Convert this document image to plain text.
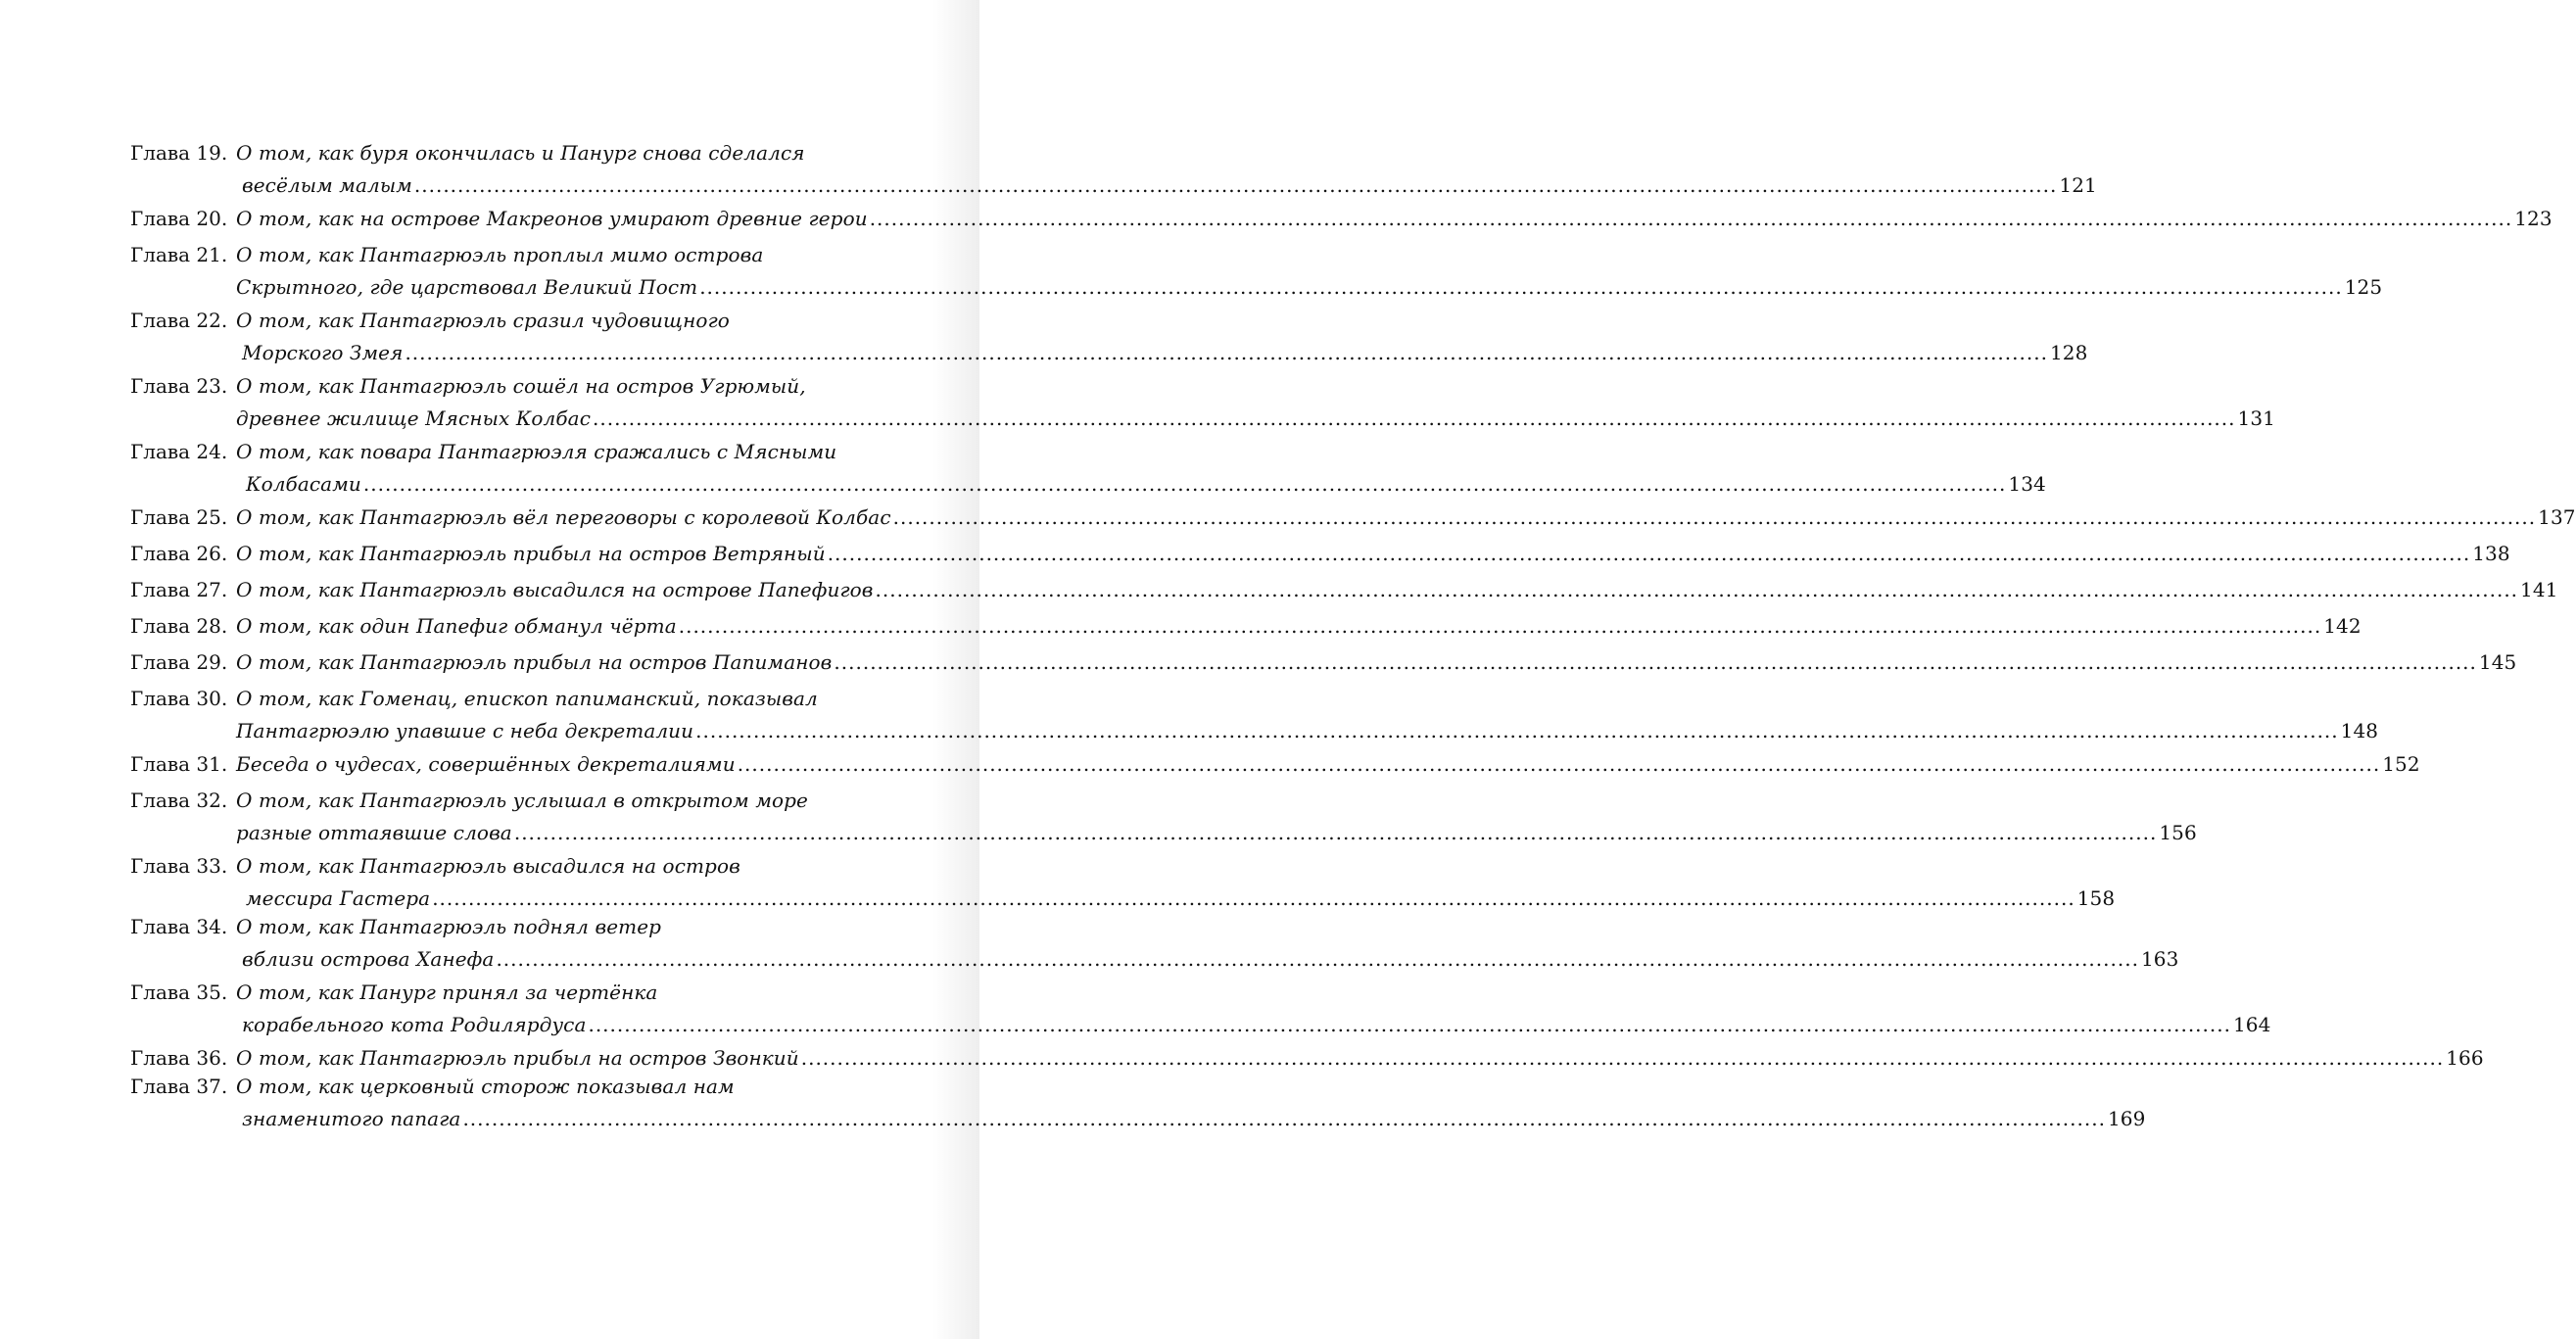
Глава 19. О том, как буря окончилась и Панург снова сделался
весёлым малым .....	121
Глава 20. О том, как на острове Макреонов умирают древние герои .....	123
Глава 21. О том, как Пантагрюэль проплыл мимо острова
Скрытного, где царствовал Великий Пост .....	125
Глава 22. О том, как Пантагрюэль сразил чудовищного
Морского Змея .....	128
Глава 23. О том, как Пантагрюэль сошёл на остров Угрюмый,
древнее жилище Мясных Колбас .....	131
Глава 24. О том, как повара Пантагрюэля сражались с Мясными
Колбасами .....	134
Глава 25. О том, как Пантагрюэль вёл переговоры с королевой Колбас .....	137
Глава 26. О том, как Пантагрюэль прибыл на остров Ветряный .....	138
Глава 27. О том, как Пантагрюэль высадился на острове Папефигов .....	141
Глава 28. О том, как один Папефиг обманул чёрта .....	142
Глава 29. О том, как Пантагрюэль прибыл на остров Папиманов .....	145
Глава 30. О том, как Гоменац, епископ папиманский, показывал
Пантагрюэлю упавшие с неба декреталии .....	148
Глава 31. Беседа о чудесах, совершённых декреталиями .....	152
Глава 32. О том, как Пантагрюэль услышал в открытом море
разные оттаявшие слова .....	156
Глава 33. О том, как Пантагрюэль высадился на остров
мессира Гастера .....	158
Глава 34. О том, как Пантагрюэль поднял ветер
вблизи острова Ханефа .....	163
Глава 35. О том, как Панург принял за чертёнка
корабельного кота Родилярдуса .....	164
Глава 36. О том, как Пантагрюэль прибыл на остров Звонкий .....	166
Глава 37. О том, как церковный сторож показывал нам
знаменитого папага .....	169
